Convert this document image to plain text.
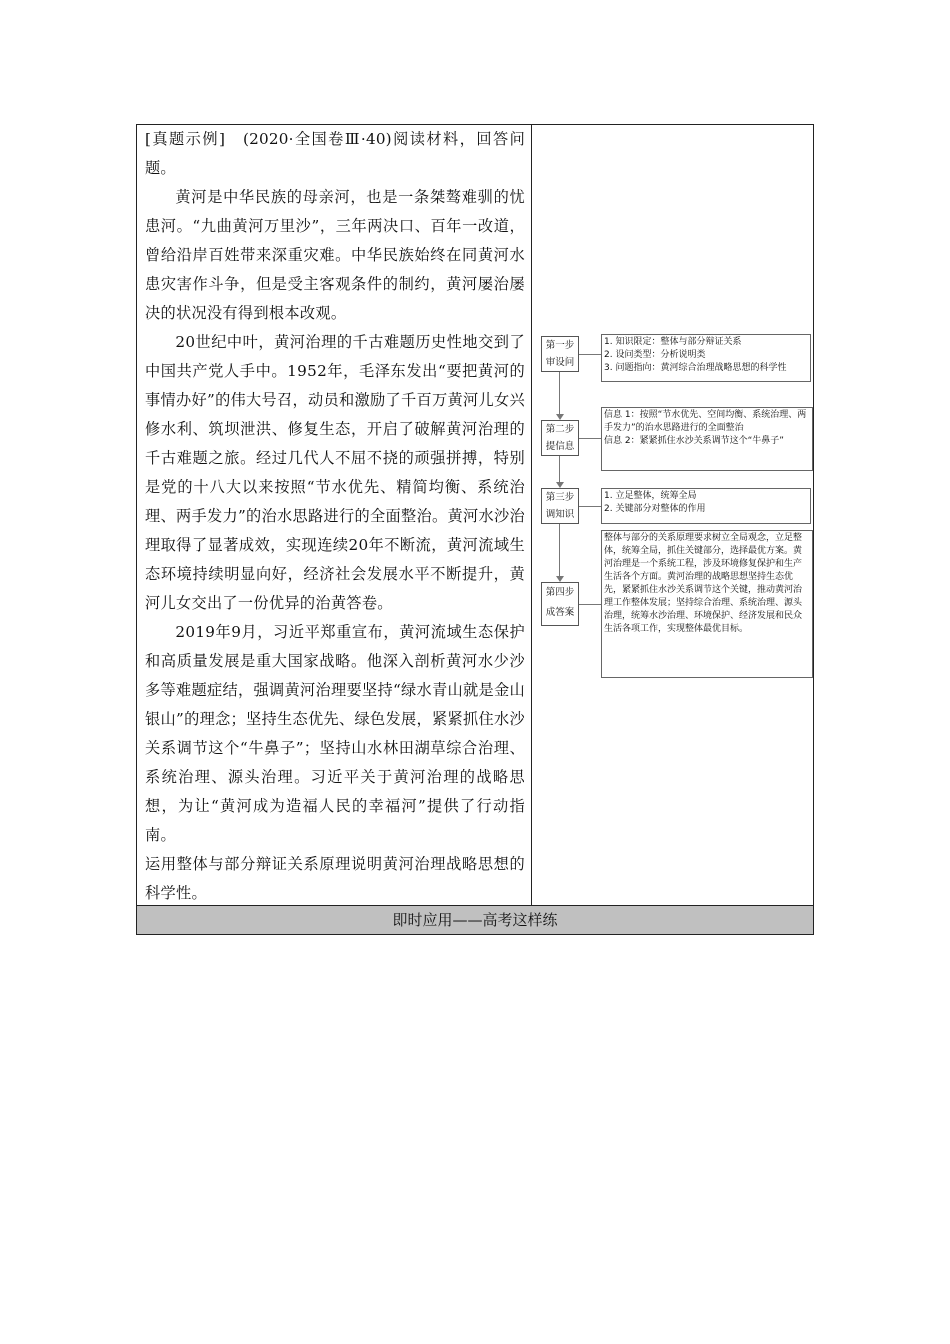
[真题示例]　(2020·全国卷Ⅲ·40)阅读材料，回答问题。

黄河是中华民族的母亲河，也是一条桀骜难驯的忧患河。“九曲黄河万里沙”，三年两决口、百年一改道，曾给沿岸百姓带来深重灾难。中华民族始终在同黄河水患灾害作斗争，但是受主客观条件的制约，黄河屡治屡决的状况没有得到根本改观。

20世纪中叶，黄河治理的千古难题历史性地交到了中国共产党人手中。1952年，毛泽东发出“要把黄河的事情办好”的伟大号召，动员和激励了千百万黄河儿女兴修水利、筑坝泄洪、修复生态，开启了破解黄河治理的千古难题之旅。经过几代人不屈不挠的顽强拼搏，特别是党的十八大以来按照“节水优先、精简均衡、系统治理、两手发力”的治水思路进行的全面整治。黄河水沙治理取得了显著成效，实现连续20年不断流，黄河流域生态环境持续明显向好，经济社会发展水平不断提升，黄河儿女交出了一份优异的治黄答卷。

2019年9月，习近平郑重宣布，黄河流域生态保护和高质量发展是重大国家战略。他深入剖析黄河水少沙多等难题症结，强调黄河治理要坚持“绿水青山就是金山银山”的理念；坚持生态优先、绿色发展，紧紧抓住水沙关系调节这个“牛鼻子”；坚持山水林田湖草综合治理、系统治理、源头治理。习近平关于黄河治理的战略思想，为让“黄河成为造福人民的幸福河”提供了行动指南。

运用整体与部分辩证关系原理说明黄河治理战略思想的科学性。

即时应用——高考这样练
第一步
审设问
1. 知识限定：整体与部分辩证关系
2. 设问类型：分析说明类
3. 问题指向：黄河综合治理战略思想的科学性
第二步
提信息
信息 1：按照“节水优先、空间均衡、系统治理、两手发力”的治水思路进行的全面整治
信息 2：紧紧抓住水沙关系调节这个“牛鼻子”
第三步
调知识
1. 立足整体，统筹全局
2. 关键部分对整体的作用
第四步
成答案
整体与部分的关系原理要求树立全局观念，立足整体，统筹全局，抓住关键部分，选择最优方案。黄河治理是一个系统工程，涉及环境修复保护和生产生活各个方面。黄河治理的战略思想坚持生态优先，紧紧抓住水沙关系调节这个关键，推动黄河治理工作整体发展；坚持综合治理、系统治理、源头治理，统筹水沙治理、环境保护、经济发展和民众生活各项工作，实现整体最优目标。
